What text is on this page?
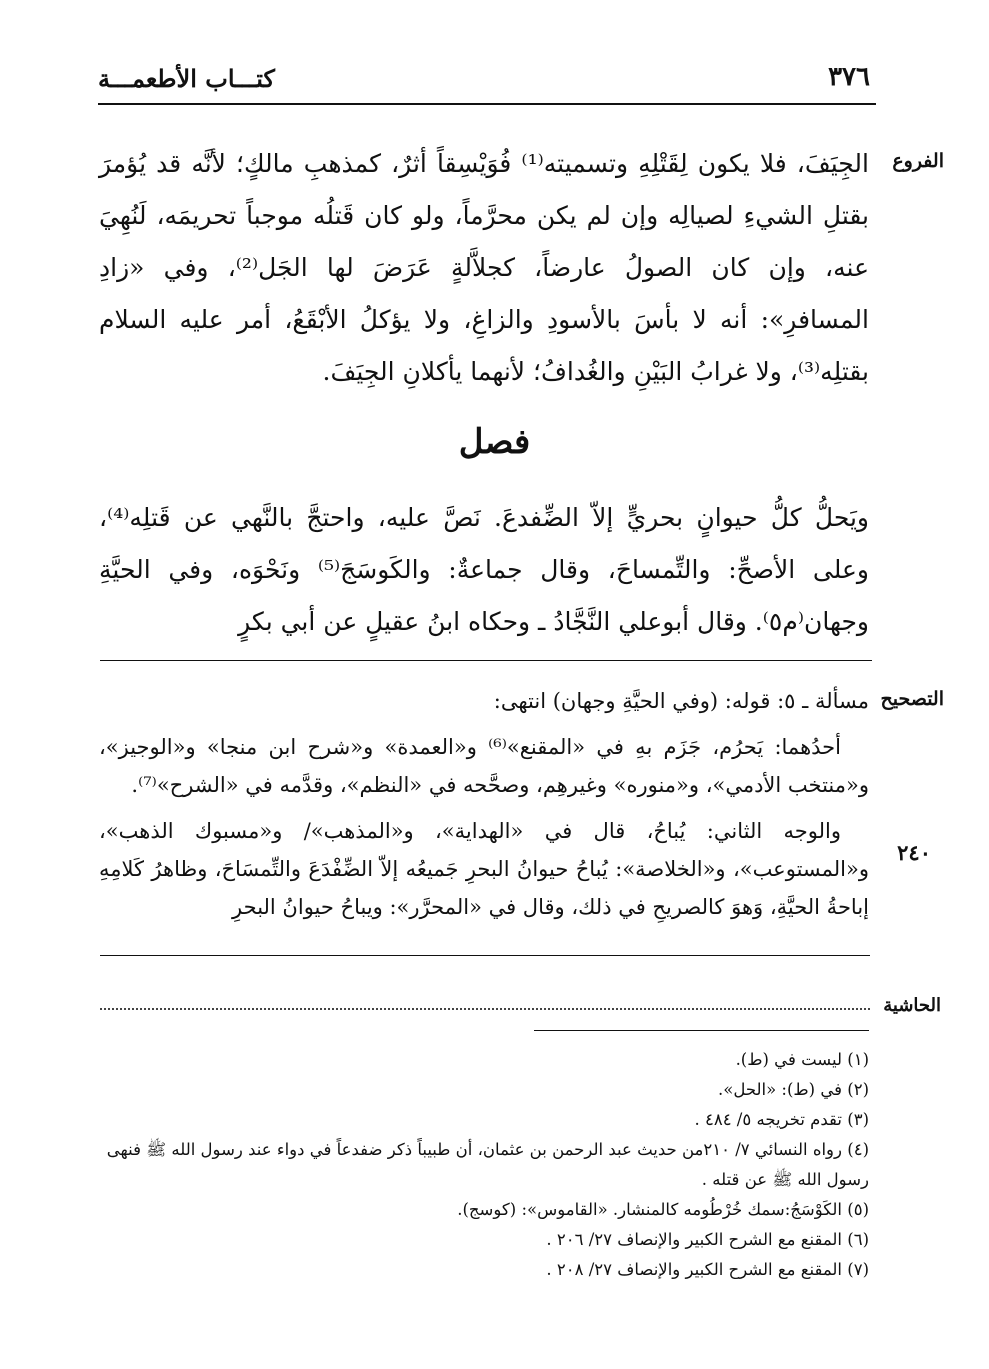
٣٧٦
كتـــاب الأطعمـــة
الفروع

الجِيَفَ، فلا يكون لِقَتْلِهِ وتسميته⁽¹⁾ فُوَيْسِقاً أثرٌ، كمذهبِ مالكٍ؛ لأنَّه قد يُؤمرَ بقتلِ الشيءِ لصيالِه وإن لم يكن محرَّماً، ولو كان قَتلُه موجباً تحريمَه، لَنُهِيَ عنه، وإن كان الصولُ عارضاً، كجلاَّلةٍ عَرَضَ لها الجَل⁽²⁾، وفي «زادِ المسافرِ»: أنه لا بأسَ بالأسودِ والزاغِ، ولا يؤكلُ الأبْقَعُ، أمر عليه السلام بقتلِه⁽³⁾، ولا غرابُ البَيْنِ والغُدافُ؛ لأنهما يأكلانِ الجِيَفَ.

فصل

ويَحلُّ كلُّ حيوانٍ بحريٍّ إلاّ الضِّفدعَ. نَصَّ عليه، واحتجَّ بالنَّهي عن قَتلِه⁽⁴⁾، وعلى الأصحِّ: والتِّمساحَ، وقال جماعةٌ: والكَوسَجَ⁽⁵⁾ ونَحْوَه، وفي الحيَّةِ وجهان⁽م٥⁾. وقال أبوعلي النَّجَّادُ ـ وحكاه ابنُ عقيلٍ عن أبي بكرٍ

التصحيح

مسألة ـ ٥: قوله: (وفي الحيَّةِ وجهان) انتهى:

أحدُهما: يَحرُم، جَزَم بهِ في «المقنع»⁽⁶⁾ و«العمدة» و«شرح ابن منجا» و«الوجيز»، و«منتخب الأدمي»، و«منوره» وغيرهِم، وصحَّحه في «النظم»، وقدَّمه في «الشرح»⁽⁷⁾.

والوجه الثاني: يُباحُ، قال في «الهداية»، و«المذهب»/ و«مسبوك الذهب»، و«المستوعب»، و«الخلاصة»: يُباحُ حيوانُ البحرِ جَميعُه إلاّ الضِّفْدَعَ والتِّمسَاحَ، وظاهرُ كَلامِهِ إباحةُ الحيَّةِ، وَهوَ كالصريحِ في ذلك، وقال في «المحرَّر»: ويباحُ حيوانُ البحرِ

٢٤٠
الحاشية

(١) ليست في (ط).

(٢) في (ط): «الحل».

(٣) تقدم تخريجه ٥/ ٤٨٤ .

(٤) رواه النسائي ٧/ ٢١٠من حديث عبد الرحمن بن عثمان، أن طبيباً ذكر ضفدعاً في دواء عند رسول الله ﷺ فنهى رسول الله ﷺ عن قتله .

(٥) الكَوْسَجُ:سمك خُرْطُومه كالمنشار. «القاموس»: (كوسج).

(٦) المقنع مع الشرح الكبير والإنصاف ٢٧/ ٢٠٦ .

(٧) المقنع مع الشرح الكبير والإنصاف ٢٧/ ٢٠٨ .
